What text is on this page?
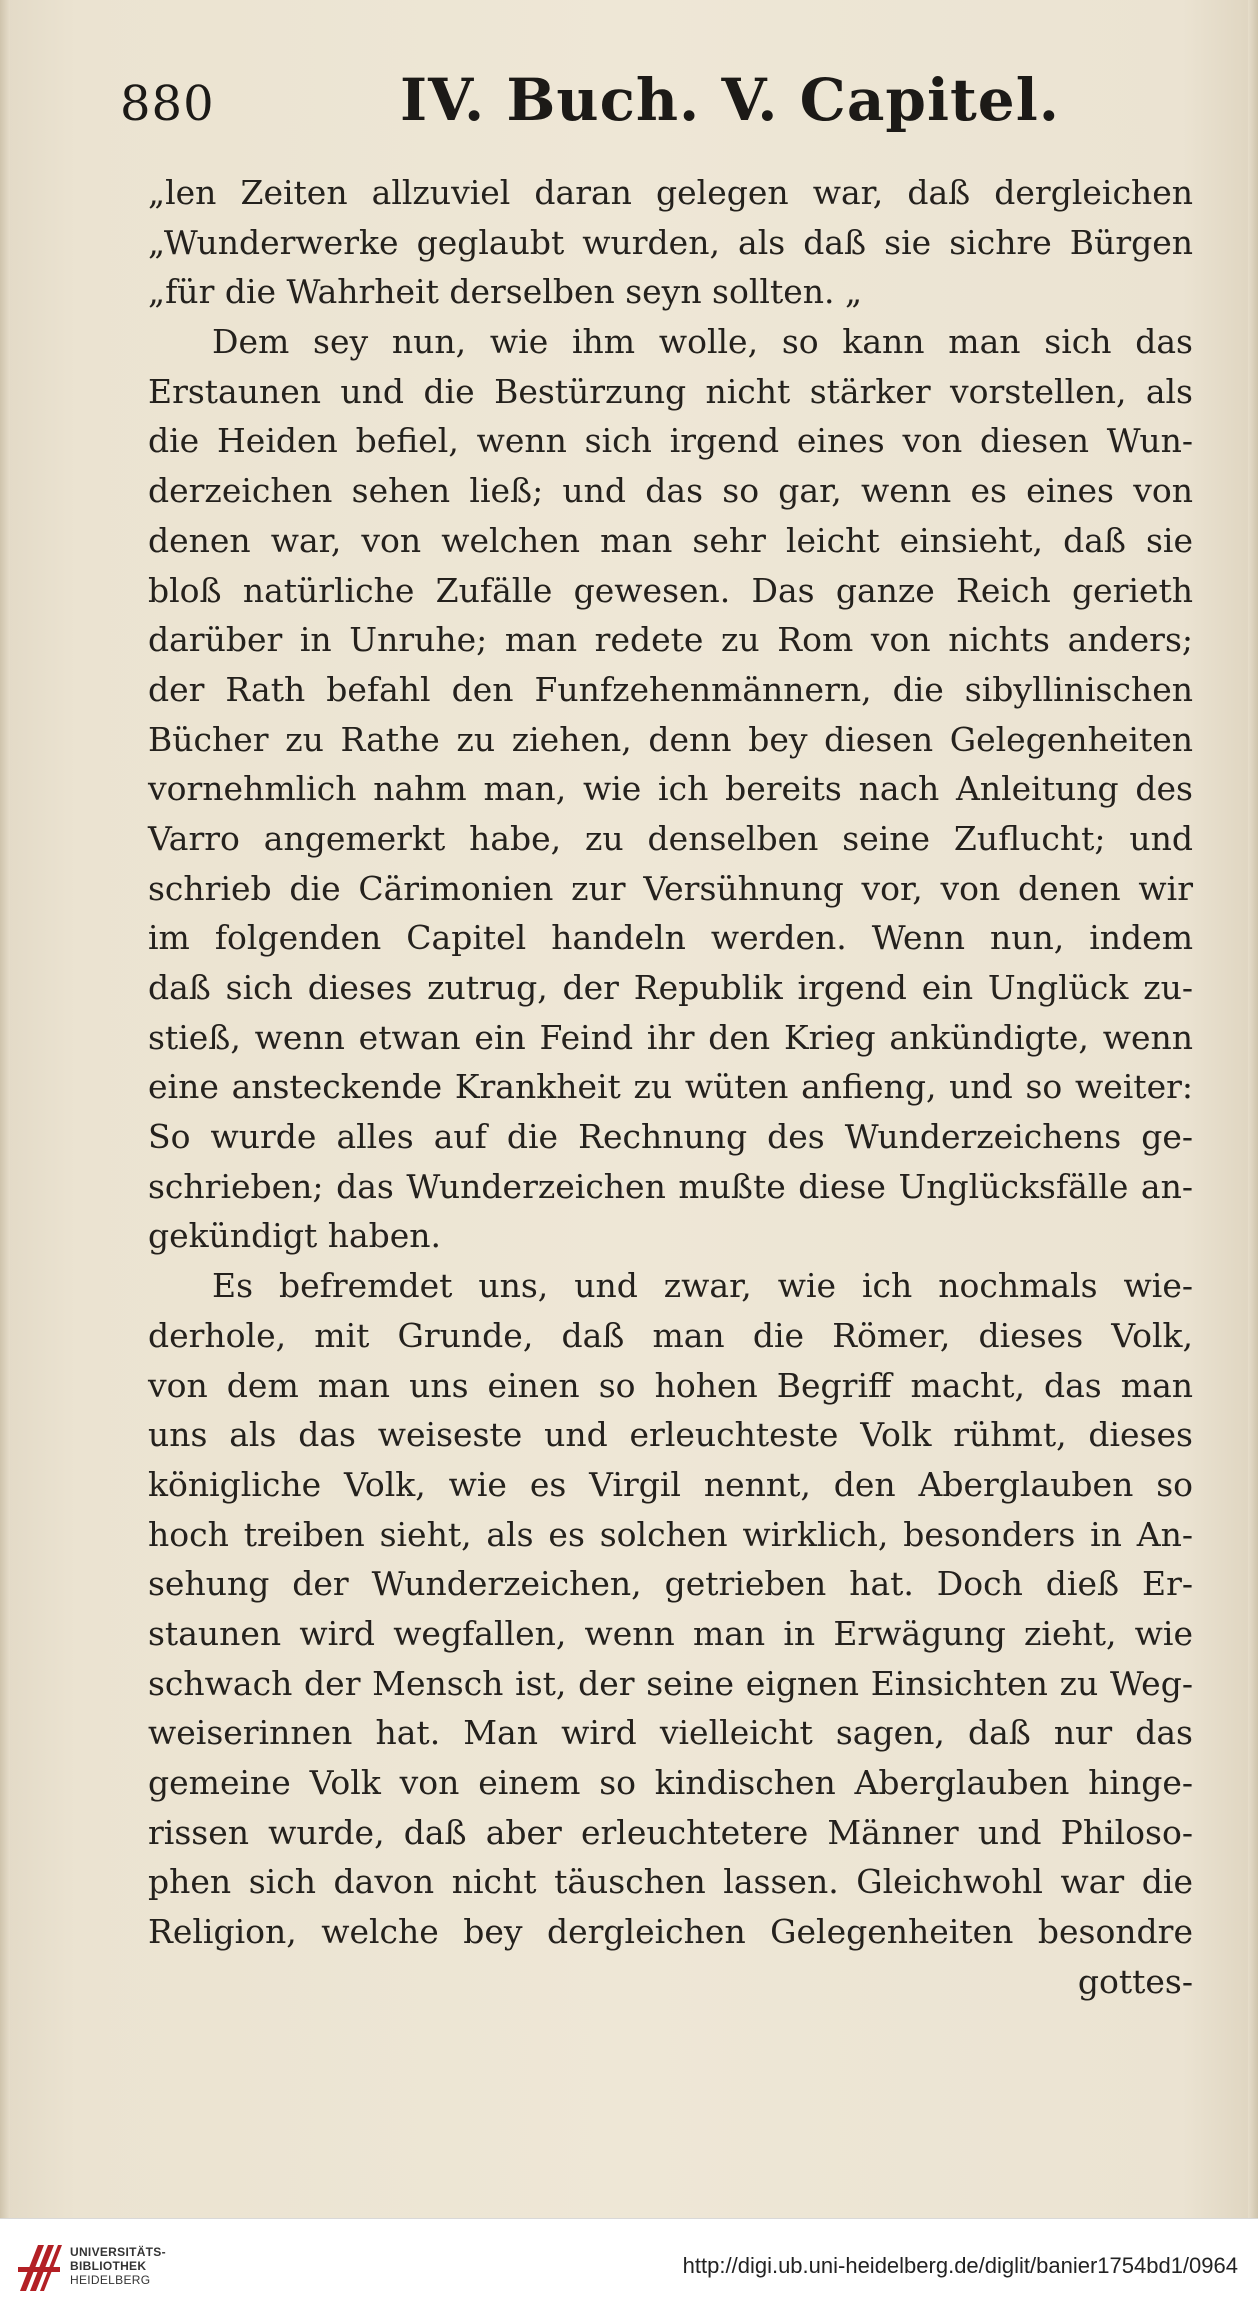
880	IV. Buch. V. Capitel.
„len Zeiten allzuviel daran gelegen war, daß dergleichen
„Wunderwerke geglaubt wurden, als daß sie sichre Bürgen
„für die Wahrheit derselben seyn sollten. „
Dem sey nun, wie ihm wolle, so kann man sich das
Erstaunen und die Bestürzung nicht stärker vorstellen, als
die Heiden befiel, wenn sich irgend eines von diesen Wun-
derzeichen sehen ließ; und das so gar, wenn es eines von
denen war, von welchen man sehr leicht einsieht, daß sie
bloß natürliche Zufälle gewesen. Das ganze Reich gerieth
darüber in Unruhe; man redete zu Rom von nichts anders;
der Rath befahl den Funfzehenmännern, die sibyllinischen
Bücher zu Rathe zu ziehen, denn bey diesen Gelegenheiten
vornehmlich nahm man, wie ich bereits nach Anleitung des
Varro angemerkt habe, zu denselben seine Zuflucht; und
schrieb die Cärimonien zur Versühnung vor, von denen wir
im folgenden Capitel handeln werden. Wenn nun, indem
daß sich dieses zutrug, der Republik irgend ein Unglück zu-
stieß, wenn etwan ein Feind ihr den Krieg ankündigte, wenn
eine ansteckende Krankheit zu wüten anfieng, und so weiter:
So wurde alles auf die Rechnung des Wunderzeichens ge-
schrieben; das Wunderzeichen mußte diese Unglücksfälle an-
gekündigt haben.
Es befremdet uns, und zwar, wie ich nochmals wie-
derhole, mit Grunde, daß man die Römer, dieses Volk,
von dem man uns einen so hohen Begriff macht, das man
uns als das weiseste und erleuchteste Volk rühmt, dieses
königliche Volk, wie es Virgil nennt, den Aberglauben so
hoch treiben sieht, als es solchen wirklich, besonders in An-
sehung der Wunderzeichen, getrieben hat. Doch dieß Er-
staunen wird wegfallen, wenn man in Erwägung zieht, wie
schwach der Mensch ist, der seine eignen Einsichten zu Weg-
weiserinnen hat. Man wird vielleicht sagen, daß nur das
gemeine Volk von einem so kindischen Aberglauben hinge-
rissen wurde, daß aber erleuchtetere Männer und Philoso-
phen sich davon nicht täuschen lassen. Gleichwohl war die
Religion, welche bey dergleichen Gelegenheiten besondre
gottes-
UNIVERSITÄTS-
BIBLIOTHEK
HEIDELBERG
http://digi.ub.uni-heidelberg.de/diglit/banier1754bd1/0964
